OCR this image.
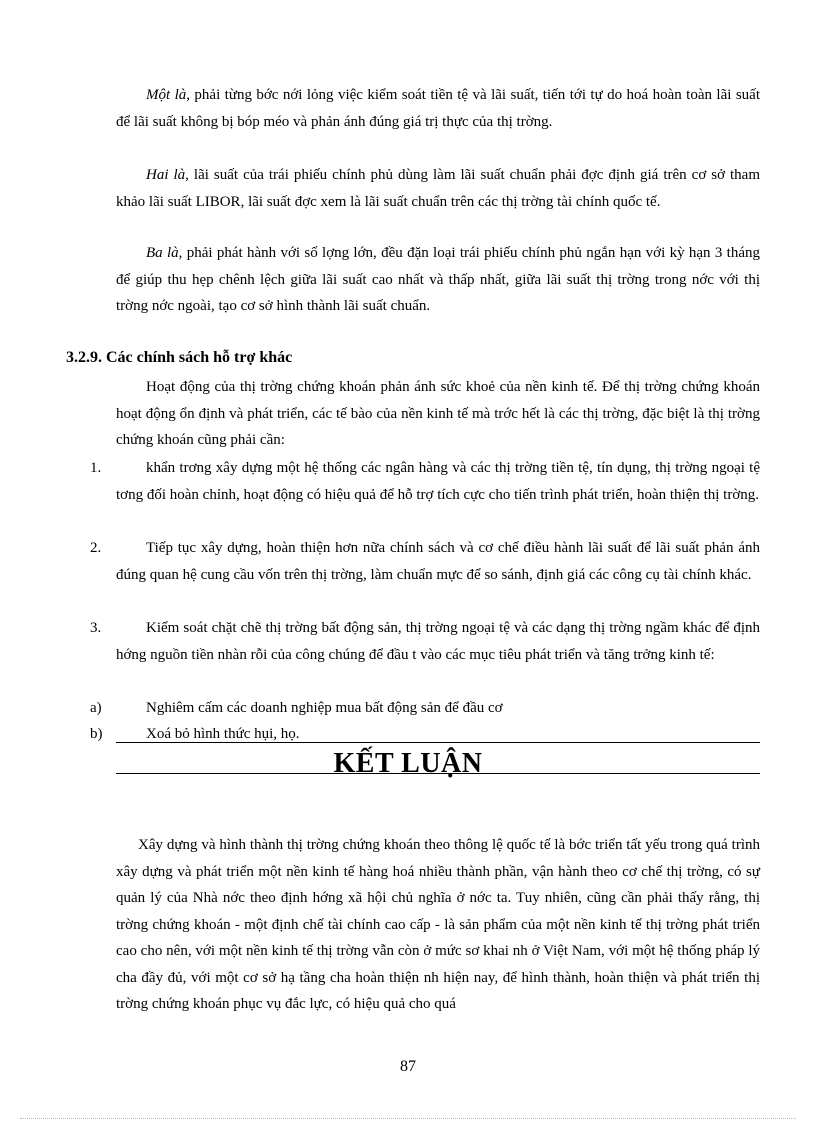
Một là, phải từng bớc nới lỏng việc kiểm soát tiền tệ và lãi suất, tiến tới tự do hoá hoàn toàn lãi suất để lãi suất không bị bóp méo và phản ánh đúng giá trị thực của thị trờng.

Hai là, lãi suất của trái phiếu chính phủ dùng làm lãi suất chuẩn phải đợc định giá trên cơ sở tham khảo lãi suất LIBOR, lãi suất đợc xem là lãi suất chuẩn trên các thị trờng tài chính quốc tế.

Ba là, phải phát hành với số lợng lớn, đều đặn loại trái phiếu chính phủ ngắn hạn với kỳ hạn 3 tháng để giúp thu hẹp chênh lệch giữa lãi suất cao nhất và thấp nhất, giữa lãi suất thị trờng trong nớc với thị trờng nớc ngoài, tạo cơ sở hình thành lãi suất chuẩn.

3.2.9. Các chính sách hỗ trợ khác

Hoạt động của thị trờng chứng khoán phản ánh sức khoẻ của nền kinh tế. Để thị trờng chứng khoán hoạt động ổn định và phát triển, các tế bào của nền kinh tế mà trớc hết là các thị trờng, đặc biệt là thị trờng chứng khoán cũng phải cần:

1.	khẩn trơng xây dựng một hệ thống các ngân hàng và các thị trờng tiền tệ, tín dụng, thị trờng ngoại tệ tơng đối hoàn chỉnh, hoạt động có hiệu quả để hỗ trợ tích cực cho tiến trình phát triển, hoàn thiện thị trờng.

2.	Tiếp tục xây dựng, hoàn thiện hơn nữa chính sách và cơ chế điều hành lãi suất để lãi suất phản ánh đúng quan hệ cung cầu vốn trên thị trờng, làm chuẩn mực để so sánh, định giá các công cụ tài chính khác.

3.	Kiểm soát chặt chẽ thị trờng bất động sản, thị trờng ngoại tệ và các dạng thị trờng ngầm khác để định hớng nguồn tiền nhàn rỗi của công chúng để đầu t vào các mục tiêu phát triển và tăng trởng kinh tế:

a)	Nghiêm cấm các doanh nghiệp mua bất động sản để đầu cơ

b)	Xoá bỏ hình thức hụi, họ.

KẾT LUẬN

Xây dựng và hình thành thị trờng chứng khoán theo thông lệ quốc tế là bớc triển tất yếu trong quá trình xây dựng và phát triển một nền kinh tế hàng hoá nhiều thành phần, vận hành theo cơ chế thị trờng, có sự quản lý của Nhà nớc theo định hớng xã hội chủ nghĩa ở nớc ta. Tuy nhiên, cũng cần phải thấy rằng, thị trờng chứng khoán - một định chế tài chính cao cấp - là sản phẩm của một nền kinh tế thị trờng phát triển cao cho nên, với một nền kinh tế thị trờng vẫn còn ở mức sơ khai nh ở Việt Nam, với một hệ thống pháp lý cha đầy đủ, với một cơ sở hạ tầng cha hoàn thiện nh hiện nay, để hình thành, hoàn thiện và phát triển thị trờng chứng khoán phục vụ đắc lực, có hiệu quả cho quá

87
